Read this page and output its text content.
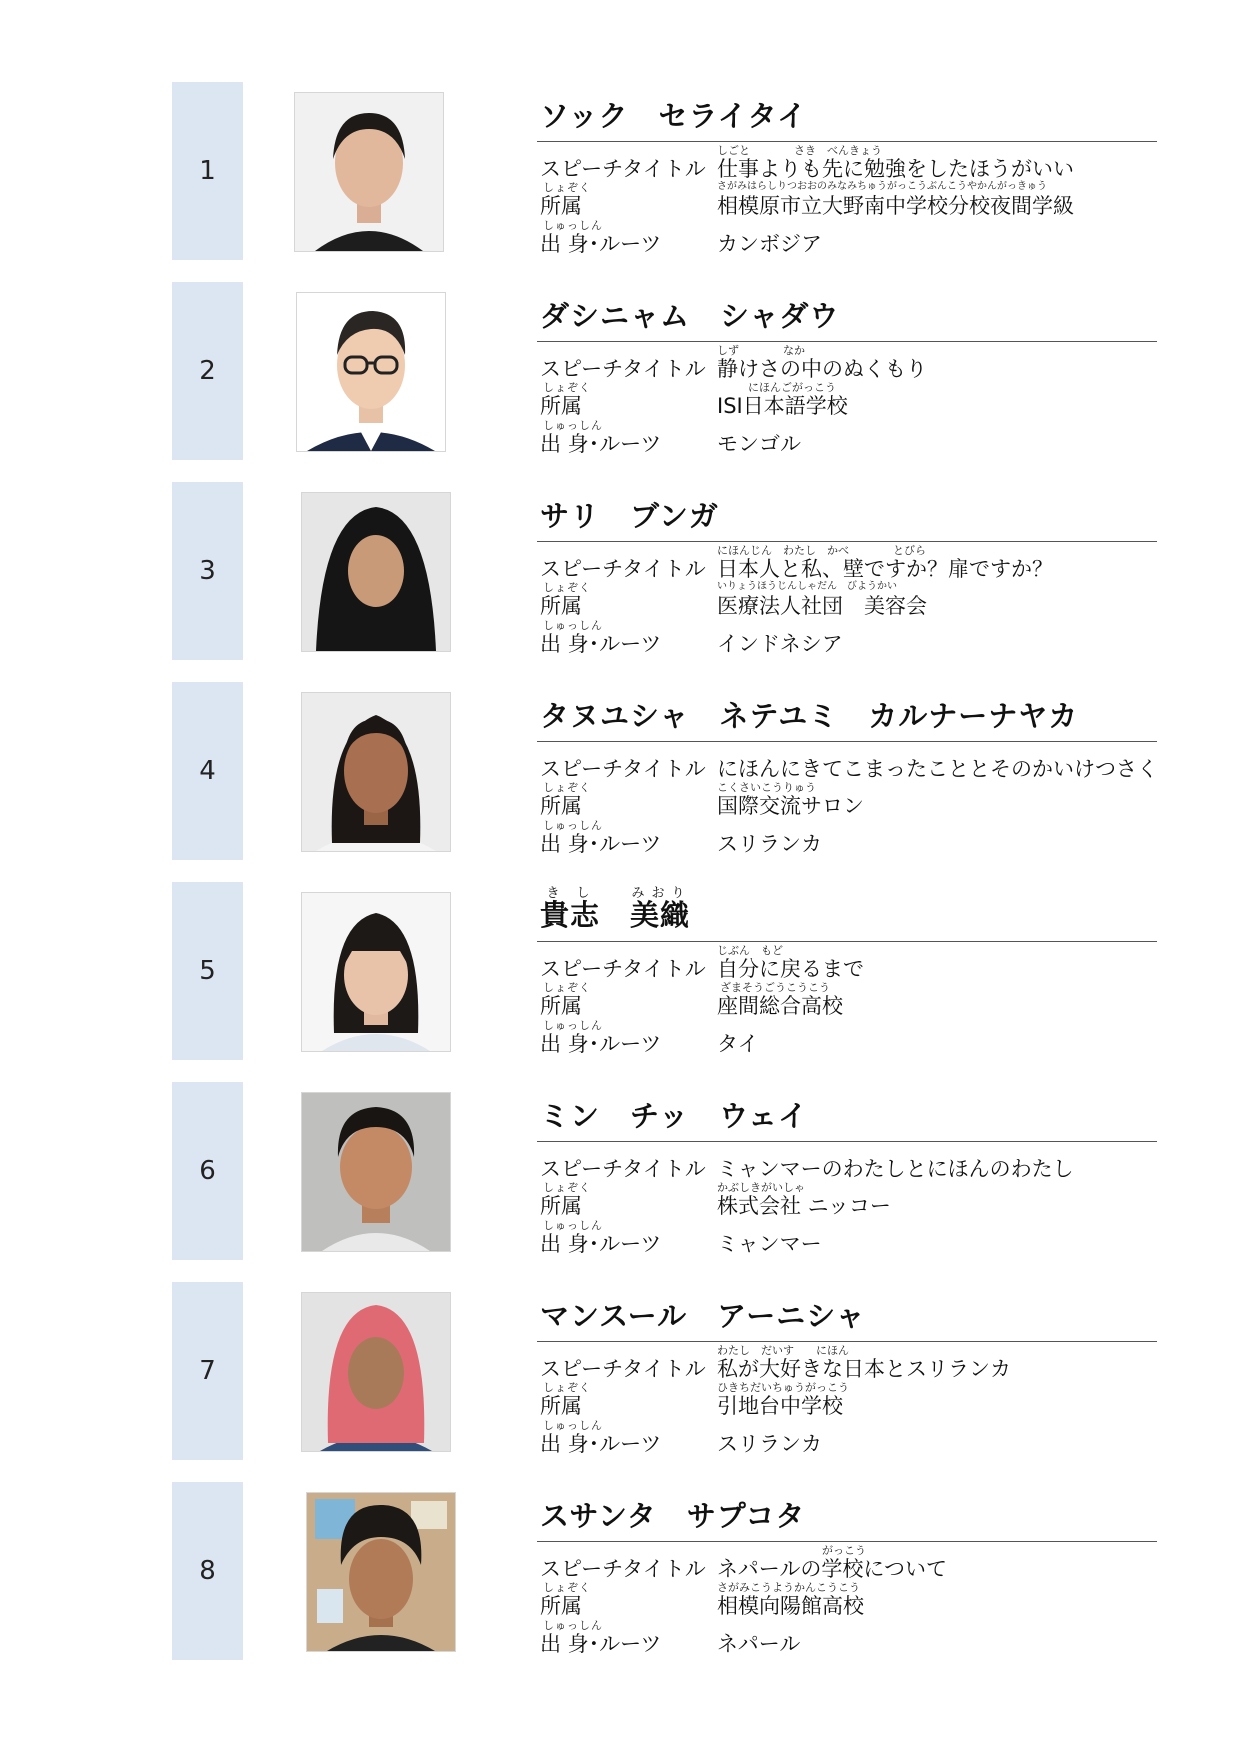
1
ソック　セライタイ
しごと　　　　さき　べんきょう
スピーチタイトル 仕事よりも先に勉強をしたほうがいい
しょぞく	さがみはらしりつおおのみなみちゅうがっこうぶんこうやかんがっきゅう
所属	相模原市立大野南中学校分校夜間学級
しゅっしん
出 身･ルーツ	カンボジア
2
ダシニャム　シャダウ
しず　　　　なか
スピーチタイトル 静けさの中のぬくもり
しょぞく	にほんごがっこう
所属	ISI日本語学校
しゅっしん
出 身･ルーツ	モンゴル
3
サリ　ブンガ
にほんじん　わたし　かべ　　　　とびら
スピーチタイトル 日本人と私、壁ですか？扉ですか？
しょぞく	いりょうほうじんしゃだん　びようかい
所属	医療法人社団　美容会
しゅっしん
出 身･ルーツ	インドネシア
4
タヌユシャ　ネテユミ　カルナーナヤカ
スピーチタイトル にほんにきてこまったこととそのかいけつさく
しょぞく	こくさいこうりゅう
所属	国際交流サロン
しゅっしん
出 身･ルーツ	スリランカ
5
貴志きし　美織みおり
じぶん　もど
スピーチタイトル 自分に戻るまで
しょぞく	ざまそうごうこうこう
所属	座間総合高校
しゅっしん
出 身･ルーツ	タイ
6
ミン　チッ　ウェイ
スピーチタイトル ミャンマーのわたしとにほんのわたし
しょぞく	かぶしきがいしゃ
所属	株式会社 ニッコー
しゅっしん
出 身･ルーツ	ミャンマー
7
マンスール　アーニシャ
わたし　だいす　　にほん
スピーチタイトル 私が大好きな日本とスリランカ
しょぞく	ひきちだいちゅうがっこう
所属	引地台中学校
しゅっしん
出 身･ルーツ	スリランカ
8
スサンタ　サプコタ
がっこう
スピーチタイトル ネパールの学校について
しょぞく	さがみこうようかんこうこう
所属	相模向陽館高校
しゅっしん
出 身･ルーツ	ネパール
